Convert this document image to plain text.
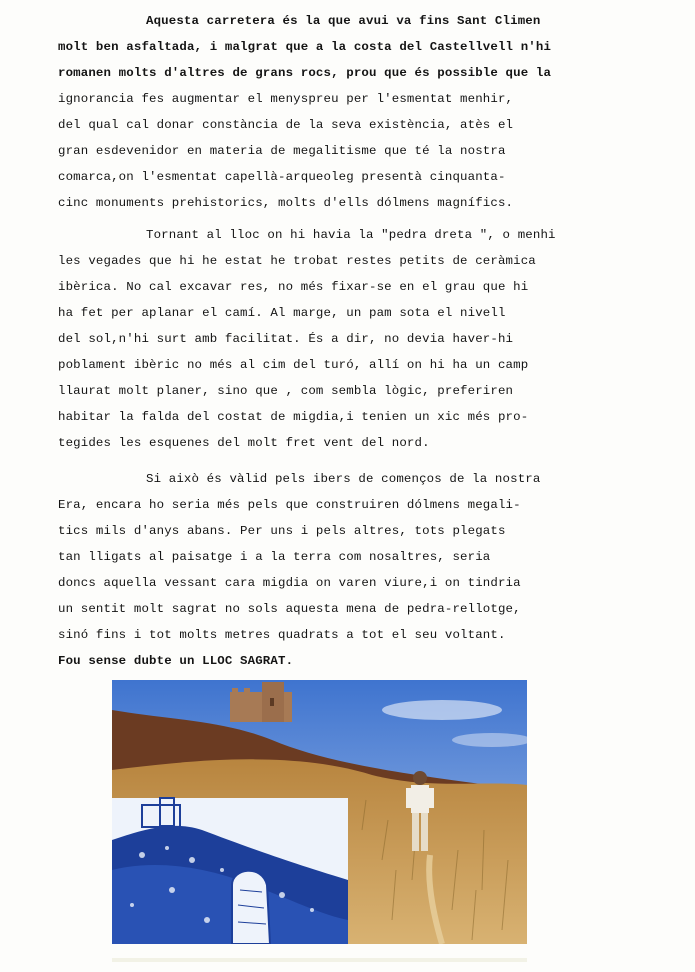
Aquesta carretera és la que avui va fins Sant Climen
molt ben asfaltada, i malgrat que a la costa del Castellvell n'hi
romanen molts d'altres de grans rocs, prou que és possible que la
ignorancia fes augmentar el menyspreu per l'esmentat menhir,
del qual cal donar constància de la seva existència, atès el
gran esdevenidor en materia de megalitisme que té la nostra
comarca,on l'esmentat capellà-arqueoleg presentà cinquanta-
cinc monuments prehistorics, molts d'ells dólmens magnífics.
Tornant al lloc on hi havia la "pedra dreta ", o menhi
les vegades que hi he estat he trobat restes petits de ceràmica
ibèrica. No cal excavar res, no més fixar-se en el grau que hi
ha fet per aplanar el camí. Al marge, un pam sota el nivell
del sol,n'hi surt amb facilitat. És a dir, no devia haver-hi
poblament ibèric no més al cim del turó, allí on hi ha un camp
llaurat molt planer, sino que , com sembla lògic, preferiren
habitar la falda del costat de migdia,i tenien un xic més pro-
tegides les esquenes del molt fret vent del nord.
Si això és vàlid pels ibers de començos de la nostra
Era, encara ho seria més pels que construiren dólmens megali-
tics mils d'anys abans. Per uns i pels altres, tots plegats
tan lligats al paisatge i a la terra com nosaltres, seria
doncs aquella vessant cara migdia on varen viure,i on tindria
un sentit molt sagrat no sols aquesta mena de pedra-rellotge,
sinó fins i tot molts metres quadrats a tot el seu voltant.
Fou sense dubte un LLOC SAGRAT.
